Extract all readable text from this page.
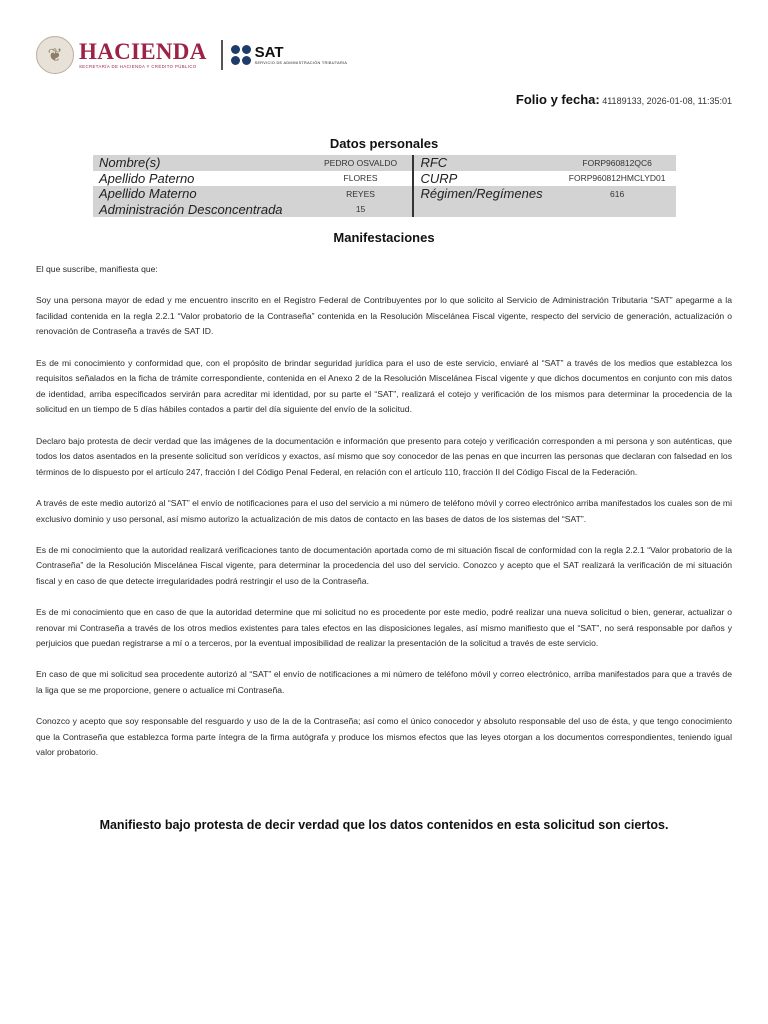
❦ HACIENDA
SECRETARÍA DE HACIENDA Y CRÉDITO PÚBLICO
SAT
SERVICIO DE ADMINISTRACIÓN TRIBUTARIA
Folio y fecha: 41189133, 2026-01-08, 11:35:01
Datos personales
Nombre(s)	PEDRO OSVALDO	RFC	FORP960812QC6
Apellido Paterno	FLORES	CURP	FORP960812HMCLYD01
Apellido Materno	REYES	Régimen/Regímenes	616
Administración Desconcentrada	15
Manifestaciones

El que suscribe, manifiesta que:

Soy una persona mayor de edad y me encuentro inscrito en el Registro Federal de Contribuyentes por lo que solicito al Servicio de Administración Tributaria “SAT” apegarme a la facilidad contenida en la regla 2.2.1 “Valor probatorio de la Contraseña” contenida en la Resolución Miscelánea Fiscal vigente, respecto del servicio de generación, actualización o renovación de Contraseña a través de SAT ID.

Es de mi conocimiento y conformidad que, con el propósito de brindar seguridad jurídica para el uso de este servicio, enviaré al “SAT” a través de los medios que establezca los requisitos señalados en la ficha de trámite correspondiente, contenida en el Anexo 2 de la Resolución Miscelánea Fiscal vigente y que dichos documentos en conjunto con mis datos de identidad, arriba especificados servirán para acreditar mi identidad, por su parte el “SAT”, realizará el cotejo y verificación de los mismos para determinar la procedencia de la solicitud en un tiempo de 5 días hábiles contados a partir del día siguiente del envío de la solicitud.

Declaro bajo protesta de decir verdad que las imágenes de la documentación e información que presento para cotejo y verificación corresponden a mi persona y son auténticas, que todos los datos asentados en la presente solicitud son verídicos y exactos, así mismo que soy conocedor de las penas en que incurren las personas que declaran con falsedad en los términos de lo dispuesto por el artículo 247, fracción I del Código Penal Federal, en relación con el artículo 110, fracción II del Código Fiscal de la Federación.

A través de este medio autorizó al “SAT” el envío de notificaciones para el uso del servicio a mi número de teléfono móvil y correo electrónico arriba manifestados los cuales son de mi exclusivo dominio y uso personal, así mismo autorizo la actualización de mis datos de contacto en las bases de datos de los sistemas del “SAT”.

Es de mi conocimiento que la autoridad realizará verificaciones tanto de documentación aportada como de mi situación fiscal de conformidad con la regla 2.2.1 “Valor probatorio de la Contraseña” de la Resolución Miscelánea Fiscal vigente, para determinar la procedencia del uso del servicio. Conozco y acepto que el SAT realizará la verificación de mi situación fiscal y en caso de que detecte irregularidades podrá restringir el uso de la Contraseña.

Es de mi conocimiento que en caso de que la autoridad determine que mi solicitud no es procedente por este medio, podré realizar una nueva solicitud o bien, generar, actualizar o renovar mi Contraseña a través de los otros medios existentes para tales efectos en las disposiciones legales, así mismo manifiesto que el “SAT”, no será responsable por daños y perjuicios que puedan registrarse a mí o a terceros, por la eventual imposibilidad de realizar la presentación de la solicitud a través de este servicio.

En caso de que mi solicitud sea procedente autorizó al “SAT” el envío de notificaciones a mi número de teléfono móvil y correo electrónico, arriba manifestados para que a través de la liga que se me proporcione, genere o actualice mi Contraseña.

Conozco y acepto que soy responsable del resguardo y uso de la de la Contraseña; así como el único conocedor y absoluto responsable del uso de ésta, y que tengo conocimiento que la Contraseña que establezca forma parte íntegra de la firma autógrafa y produce los mismos efectos que las leyes otorgan a los documentos correspondientes, teniendo igual valor probatorio.

Manifiesto bajo protesta de decir verdad que los datos contenidos en esta solicitud son ciertos.
